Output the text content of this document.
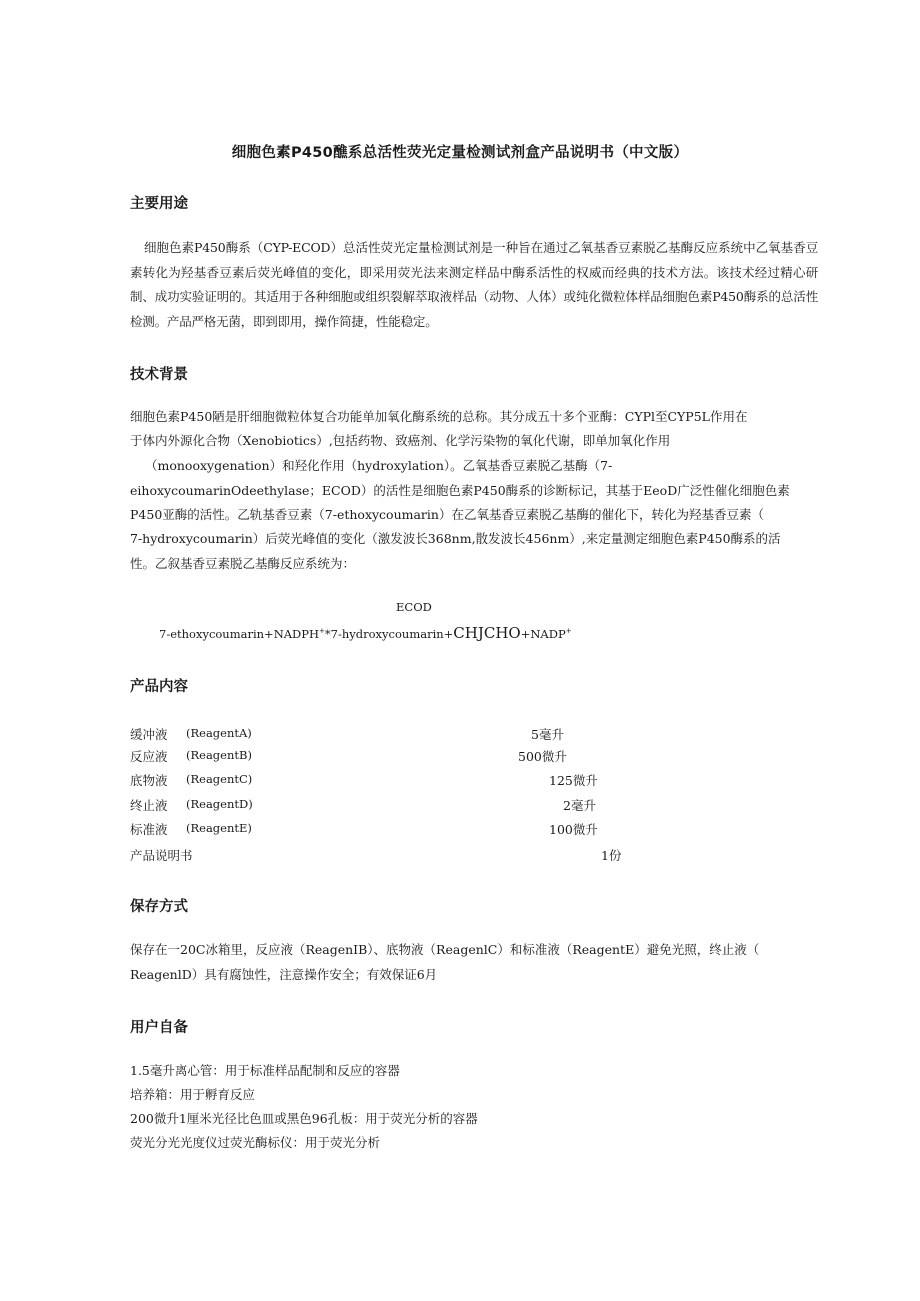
细胞色素P450醮系总活性荧光定量检测试剂盒产品说明书（中文版）
主要用途

细胞色素P450酶系（CYP-ECOD）总活性荧光定量检测试剂是一种旨在通过乙氧基香豆素脱乙基酶反应系统中乙氧基香豆素转化为羟基香豆素后荧光峰值的变化，即采用荧光法来测定样品中酶系活性的权威而经典的技术方法。该技术经过精心研制、成功实验证明的。其适用于各种细胞或组织裂解萃取液样品（动物、人体）或纯化微粒体样品细胞色素P450酶系的总活性检测。产品严格无菌，即到即用，操作简捷，性能稳定。

技术背景
细胞色素P450陋是肝细胞微粒体复合功能单加氧化酶系统的总称。其分成五十多个亚酶：CYPl至CYP5L作用在
于体内外源化合物（Xenobiotics）,包括药物、致癌剂、化学污染物的氧化代谢，即单加氧化作用
（monooxygenation）和羟化作用（hydroxylation）。乙氧基香豆素脱乙基酶（7-
eihoxycoumarinOdeethylase；ECOD）的活性是细胞色素P450酶系的诊断标记，其基于EeoD广泛性催化细胞色素
P450亚酶的活性。乙轨基香豆素（7-ethoxycoumarin）在乙氧基香豆素脱乙基酶的催化下，转化为羟基香豆素（
7-hydroxycoumarin）后荧光峰值的变化（激发波长368nm,散发波长456nm）,来定量测定细胞色素P450酶系的活
性。乙叙基香豆素脱乙基酶反应系统为：
ECOD
7-ethoxycoumarin+NADPH+*7-hydroxycoumarin+CHJCHO+NADP+
产品内容
缓冲液 (ReagentA)	5毫升
反应液 (ReagentB)	500微升
底物液 (ReagentC)	125微升
终止液 (ReagentD)	2毫升
标准液 (ReagentE)	100微升
产品说明书	1份
保存方式
保存在一20C冰箱里，反应液（ReagenIB）、底物液（ReagenlC）和标准液（ReagentE）避免光照，终止液（
ReagenlD）具有腐蚀性，注意操作安全；有效保证6月
用户自备
1.5毫升离心管：用于标准样品配制和反应的容器
培养箱：用于孵育反应
200微升1厘米光径比色皿或黑色96孔板：用于荧光分析的容器
荧光分光光度仪过荧光酶标仪：用于荧光分析
